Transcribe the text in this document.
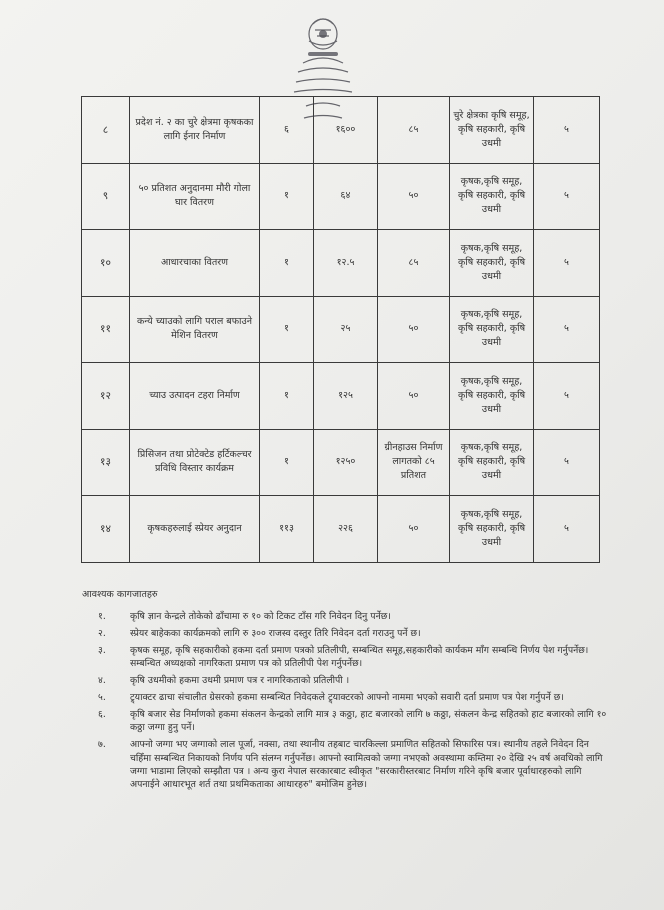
८	प्रदेश नं. २ का चुरे क्षेत्रमा कृषकका लागि ईनार निर्माण	६	१६००	८५	चुरे क्षेत्रका कृषि समूह, कृषि सहकारी, कृषि उधमी	५
९	५० प्रतिशत अनुदानमा मौरी गोला घार वितरण	१	६४	५०	कृषक,कृषि समूह, कृषि सहकारी, कृषि उधमी	५
१०	आधारचाका वितरण	१	१२.५	८५	कृषक,कृषि समूह, कृषि सहकारी, कृषि उधमी	५
११	कन्ये च्याउको लागि पराल बफाउने मेशिन वितरण	१	२५	५०	कृषक,कृषि समूह, कृषि सहकारी, कृषि उधमी	५
१२	च्याउ उत्पादन टहरा निर्माण	१	१२५	५०	कृषक,कृषि समूह, कृषि सहकारी, कृषि उधमी	५
१३	प्रिसिजन तथा प्रोटेक्टेड हर्टिकल्चर प्रविधि विस्तार कार्यक्रम	१	१२५०	ग्रीनहाउस निर्माण लागतको ८५ प्रतिशत	कृषक,कृषि समूह, कृषि सहकारी, कृषि उधमी	५
१४	कृषकहरुलाई स्प्रेयर अनुदान	११३	२२६	५०	कृषक,कृषि समूह, कृषि सहकारी, कृषि उधमी	५
आवश्यक कागजातहरु
१.	कृषि ज्ञान केन्द्रले तोकेको ढाँचामा रु १० को टिकट टाँस गरि निवेदन दिनु पर्नेछ।
२.	स्प्रेयर बाहेकका कार्यक्रमको लागि रु ३०० राजस्व दस्तुर तिरि निवेदन दर्ता गराउनु पर्ने छ।
३.	कृषक समूह, कृषि सहकारीको हकमा दर्ता प्रमाण पत्रको प्रतिलीपी, सम्बन्धित समूह,सहकारीको कार्यकम माँग सम्बन्धि निर्णय पेश गर्नुपर्नेछ।सम्बन्धित अध्यक्षको नागरिकता प्रमाण पत्र को प्रतिलीपी पेश गर्नुपर्नेछ।
४.	कृषि उधमीको हकमा उधमी प्रमाण पत्र र नागरिकताको प्रतिलीपी ।
५.	ट्र्याक्टर ढाचा संचालीत ग्रेसरको हकमा सम्बन्धित निवेदकले ट्र्याक्टरको आफ्नो नाममा भएको सवारी दर्ता प्रमाण पत्र पेश गर्नुपर्ने छ।
६.	कृषि बजार सेड निर्माणको हकमा संकलन केन्द्रको लागि मात्र ३ कठ्ठा, हाट बजारको लागि ७ कठ्ठा, संकलन केन्द्र सहितको हाट बजारको लागि १० कठ्ठा जग्गा हुनु पर्ने।
७.	आफ्नो जग्गा भए जग्गाको लाल पूर्जा, नक्सा, तथा स्थानीय तहबाट चारकिल्ला प्रमाणित सहितको सिफारिस पत्र। स्थानीय तहले निवेदन दिन चहिँमा सम्बन्धित निकायको निर्णय पनि संलग्न गर्नुपर्नेछ। आफ्नो स्वामित्वको जग्गा नभएको अवस्थामा कम्तिमा २० देखि २५ वर्ष अवधिको लागि जग्गा भाडामा लिएको सम्झौता पत्र । अन्य कुरा नेपाल सरकारबाट स्वीकृत "सरकारीस्तरबाट निर्माण गरिने कृषि बजार पूर्वाधारहरुको लागि अपनाईने आधारभूत शर्त तथा प्रथमिकताका आधारहरु" बमोजिम हुनेछ।
